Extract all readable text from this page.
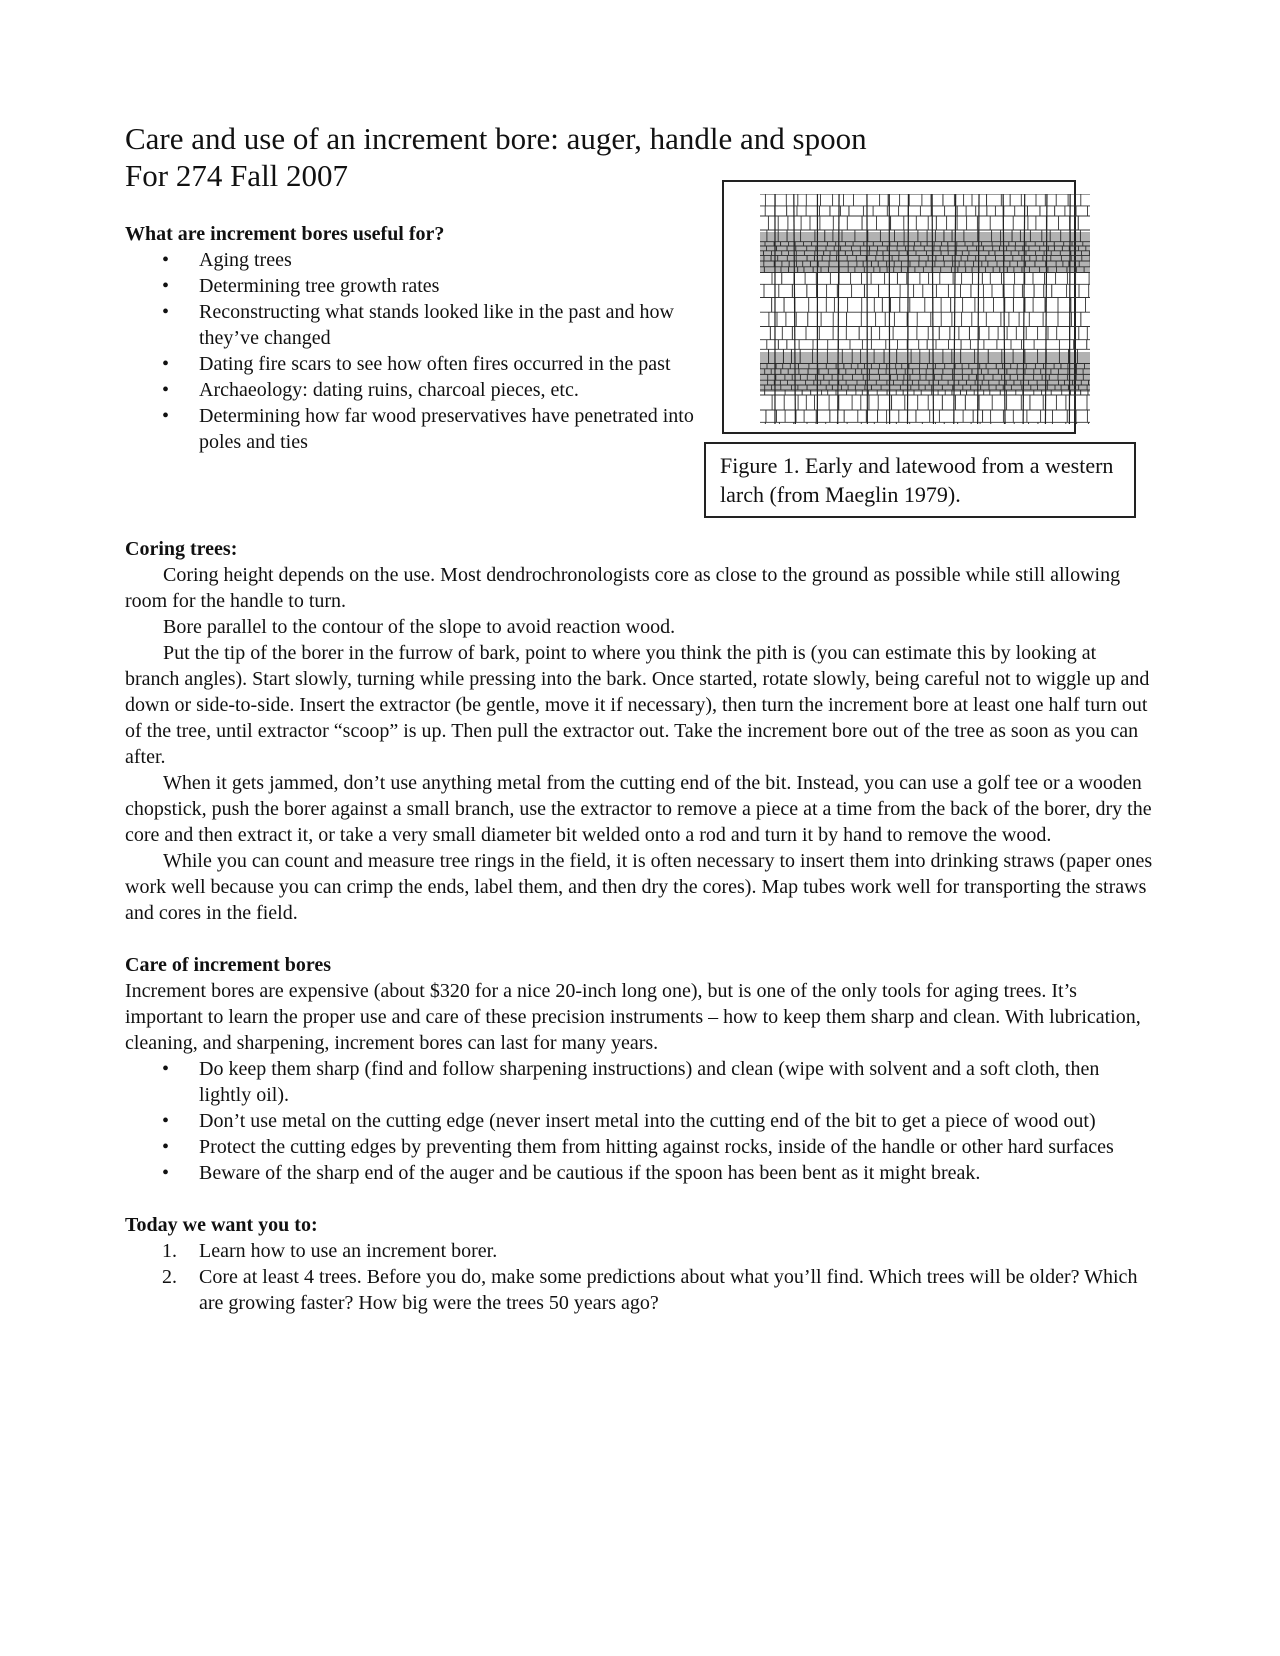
Figure 1. Early and latewood from a western larch (from Maeglin 1979).
Care and use of an increment bore: auger, handle and spoon
For 274 Fall 2007
What are increment bores useful for?
• Aging trees
• Determining tree growth rates
• Reconstructing what stands looked like in the past and how they’ve changed
• Dating fire scars to see how often fires occurred in the past
• Archaeology: dating ruins, charcoal pieces, etc.
• Determining how far wood preservatives have penetrated into poles and ties
Coring trees:

Coring height depends on the use. Most dendrochronologists core as close to the ground as possible while still allowing room for the handle to turn.

Bore parallel to the contour of the slope to avoid reaction wood.

Put the tip of the borer in the furrow of bark, point to where you think the pith is (you can estimate this by looking at branch angles). Start slowly, turning while pressing into the bark. Once started, rotate slowly, being careful not to wiggle up and down or side-to-side. Insert the extractor (be gentle, move it if necessary), then turn the increment bore at least one half turn out of the tree, until extractor “scoop” is up. Then pull the extractor out. Take the increment bore out of the tree as soon as you can after.

When it gets jammed, don’t use anything metal from the cutting end of the bit. Instead, you can use a golf tee or a wooden chopstick, push the borer against a small branch, use the extractor to remove a piece at a time from the back of the borer, dry the core and then extract it, or take a very small diameter bit welded onto a rod and turn it by hand to remove the wood.

While you can count and measure tree rings in the field, it is often necessary to insert them into drinking straws (paper ones work well because you can crimp the ends, label them, and then dry the cores). Map tubes work well for transporting the straws and cores in the field.

Care of increment bores

Increment bores are expensive (about $320 for a nice 20-inch long one), but is one of the only tools for aging trees. It’s important to learn the proper use and care of these precision instruments – how to keep them sharp and clean. With lubrication, cleaning, and sharpening, increment bores can last for many years.

• Do keep them sharp (find and follow sharpening instructions) and clean (wipe with solvent and a soft cloth, then lightly oil).
• Don’t use metal on the cutting edge (never insert metal into the cutting end of the bit to get a piece of wood out)
• Protect the cutting edges by preventing them from hitting against rocks, inside of the handle or other hard surfaces
• Beware of the sharp end of the auger and be cautious if the spoon has been bent as it might break.
Today we want you to:
1. Learn how to use an increment borer.
2. Core at least 4 trees. Before you do, make some predictions about what you’ll find. Which trees will be older? Which are growing faster? How big were the trees 50 years ago?
